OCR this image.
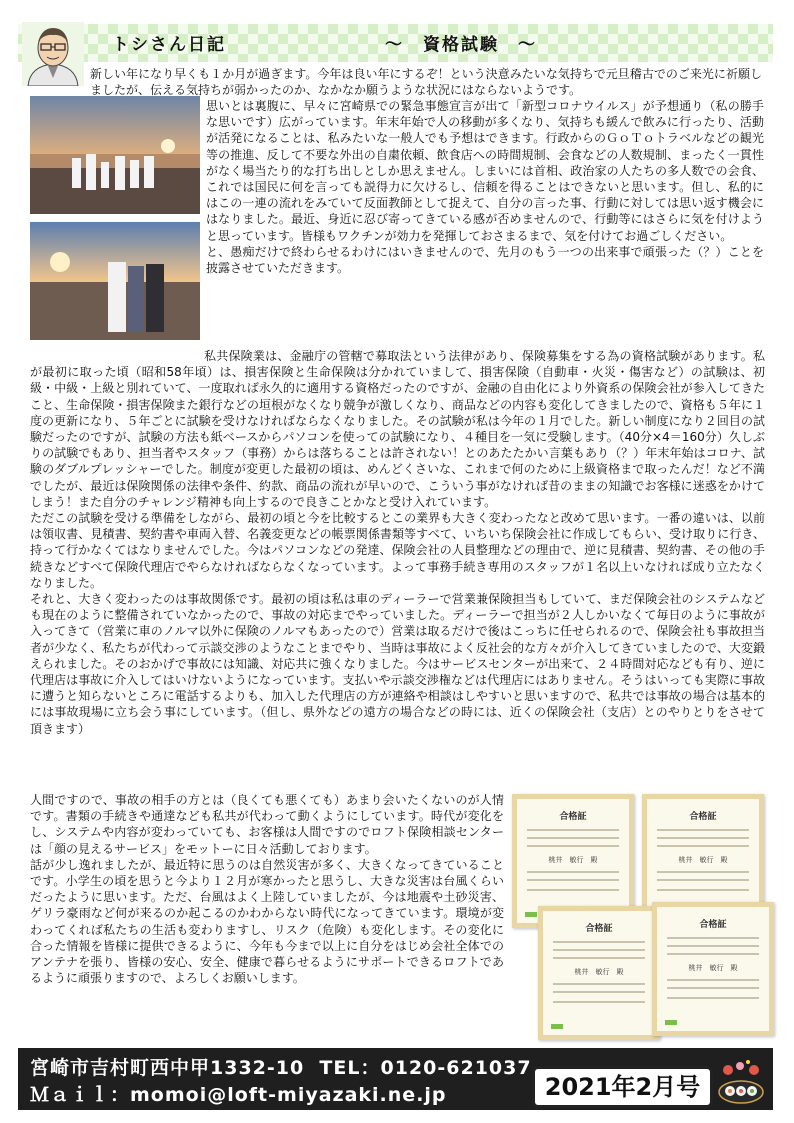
トシさん日記	～　資格試験　～

新しい年になり早くも１か月が過ぎます。今年は良い年にするぞ！という決意みたいな気持ちで元旦稽古でのご来光に祈願しましたが、伝える気持ちが弱かったのか、なかなか願うような状況にはならないようです。

思いとは裏腹に、早々に宮崎県での緊急事態宣言が出て「新型コロナウイルス」が予想通り（私の勝手な思いです）広がっています。年末年始で人の移動が多くなり、気持ちも緩んで飲みに行ったり、活動が活発になることは、私みたいな一般人でも予想はできます。行政からのＧｏＴｏトラベルなどの観光等の推進、反して不要な外出の自粛依頼、飲食店への時間規制、会食などの人数規制、まったく一貫性がなく場当たり的な打ち出しとしか思えません。しまいには首相、政治家の人たちの多人数での会食、これでは国民に何を言っても説得力に欠けるし、信頼を得ることはできないと思います。但し、私的にはこの一連の流れをみていて反面教師として捉えて、自分の言った事、行動に対しては思い返す機会にはなりました。最近、身近に忍び寄ってきている感が否めませんので、行動等にはさらに気を付けようと思っています。皆様もワクチンが効力を発揮しておさまるまで、気を付けてお過ごしください。

と、愚痴だけで終わらせるわけにはいきませんので、先月のもう一つの出来事で頑張った（？）ことを披露させていただきます。

私共保険業は、金融庁の管轄で募取法という法律があり、保険募集をする為の資格試験があります。私が最初に取った頃（昭和58年頃）は、損害保険と生命保険は分かれていまして、損害保険（自動車・火災・傷害など）の試験は、初級・中級・上級と別れていて、一度取れば永久的に適用する資格だったのですが、金融の自由化により外資系の保険会社が参入してきたこと、生命保険・損害保険また銀行などの垣根がなくなり競争が激しくなり、商品などの内容も変化してきましたので、資格も５年に１度の更新になり、５年ごとに試験を受けなければならなくなりました。その試験が私は今年の１月でした。新しい制度になり２回目の試験だったのですが、試験の方法も紙ベースからパソコンを使っての試験になり、４種目を一気に受験します。（40分×4＝160分）久しぶりの試験でもあり、担当者やスタッフ（事務）からは落ちることは許されない！とのあたたかい言葉もあり（？）年末年始はコロナ、試験のダブルプレッシャーでした。制度が変更した最初の頃は、めんどくさいな、これまで何のために上級資格まで取ったんだ！など不満でしたが、最近は保険関係の法律や条件、約款、商品の流れが早いので、こういう事がなければ昔のままの知識でお客様に迷惑をかけてしまう！また自分のチャレンジ精神も向上するので良きことかなと受け入れています。

ただこの試験を受ける準備をしながら、最初の頃と今を比較するとこの業界も大きく変わったなと改めて思います。一番の違いは、以前は領収書、見積書、契約書や車両入替、名義変更などの帳票関係書類等すべて、いちいち保険会社に作成してもらい、受け取りに行き、持って行かなくてはなりませんでした。今はパソコンなどの発達、保険会社の人員整理などの理由で、逆に見積書、契約書、その他の手続きなどすべて保険代理店でやらなければならなくなっています。よって事務手続き専用のスタッフが１名以上いなければ成り立たなくなりました。

それと、大きく変わったのは事故関係です。最初の頃は私は車のディーラーで営業兼保険担当もしていて、まだ保険会社のシステムなども現在のように整備されていなかったので、事故の対応までやっていました。ディーラーで担当が２人しかいなくて毎日のように事故が入ってきて（営業に車のノルマ以外に保険のノルマもあったので）営業は取るだけで後はこっちに任せられるので、保険会社も事故担当者が少なく、私たちが代わって示談交渉のようなことまでやり、当時は事故によく反社会的な方々が介入してきていましたので、大変鍛えられました。そのおかげで事故には知識、対応共に強くなりました。今はサービスセンターが出来て、２４時間対応なども有り、逆に代理店は事故に介入してはいけないようになっています。支払いや示談交渉権などは代理店にはありません。そうはいっても実際に事故に遭うと知らないところに電話するよりも、加入した代理店の方が連絡や相談はしやすいと思いますので、私共では事故の場合は基本的には事故現場に立ち会う事にしています。（但し、県外などの遠方の場合などの時には、近くの保険会社（支店）とのやりとりをさせて頂きます）

人間ですので、事故の相手の方とは（良くても悪くても）あまり会いたくないのが人情です。書類の手続きや通達なども私共が代わって動くようにしています。時代が変化をし、システムや内容が変わっていても、お客様は人間ですのでロフト保険相談センターは「顔の見えるサービス」をモットーに日々活動しております。

話が少し逸れましたが、最近特に思うのは自然災害が多く、大きくなってきていることです。小学生の頃を思うと今より１２月が寒かったと思うし、大きな災害は台風くらいだったように思います。ただ、台風はよく上陸していましたが、今は地震や土砂災害、ゲリラ豪雨など何が来るのか起こるのかわからない時代になってきています。環境が変わってくれば私たちの生活も変わりますし、リスク（危険）も変化します。その変化に合った情報を皆様に提供できるように、今年も今まで以上に自分をはじめ会社全体でのアンテナを張り、皆様の安心、安全、健康で暮らせるようにサポートできるロフトであるように頑張りますので、よろしくお願いします。

合格証
桃井　敏行　殿
合格証
桃井　敏行　殿
合格証
桃井　敏行　殿
合格証
桃井　敏行　殿
宮崎市吉村町西中甲1332-10  TEL：0120-621037
Ｍａｉｌ：momoi@loft-miyazaki.ne.jp	2021年2月号
